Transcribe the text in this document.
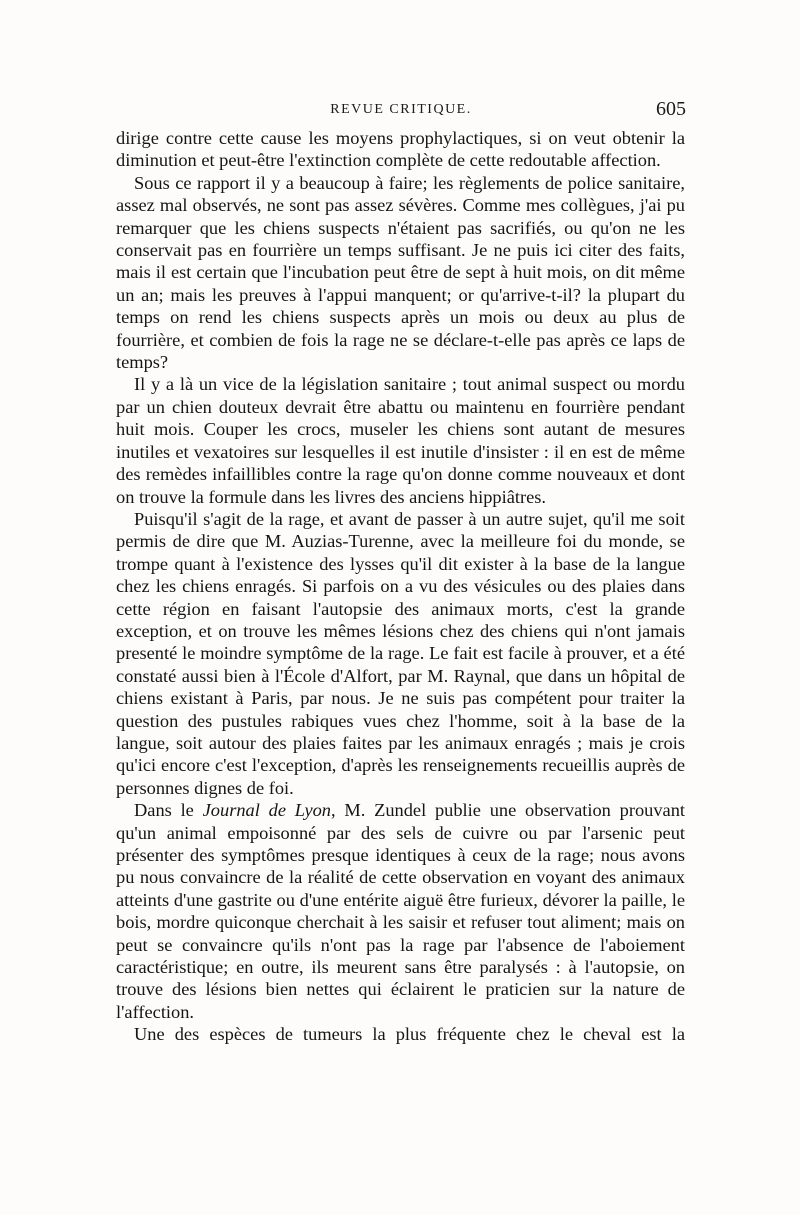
REVUE CRITIQUE.	605

dirige contre cette cause les moyens prophylactiques, si on veut obtenir la diminution et peut-être l'extinction complète de cette redoutable affection.

Sous ce rapport il y a beaucoup à faire; les règlements de police sanitaire, assez mal observés, ne sont pas assez sévères. Comme mes collègues, j'ai pu remarquer que les chiens suspects n'étaient pas sacrifiés, ou qu'on ne les conservait pas en fourrière un temps suffisant. Je ne puis ici citer des faits, mais il est certain que l'incubation peut être de sept à huit mois, on dit même un an; mais les preuves à l'appui manquent; or qu'arrive-t-il? la plupart du temps on rend les chiens suspects après un mois ou deux au plus de fourrière, et combien de fois la rage ne se déclare-t-elle pas après ce laps de temps?

Il y a là un vice de la législation sanitaire ; tout animal suspect ou mordu par un chien douteux devrait être abattu ou maintenu en fourrière pendant huit mois. Couper les crocs, museler les chiens sont autant de mesures inutiles et vexatoires sur lesquelles il est inutile d'insister : il en est de même des remèdes infaillibles contre la rage qu'on donne comme nouveaux et dont on trouve la formule dans les livres des anciens hippiâtres.

Puisqu'il s'agit de la rage, et avant de passer à un autre sujet, qu'il me soit permis de dire que M. Auzias-Turenne, avec la meilleure foi du monde, se trompe quant à l'existence des lysses qu'il dit exister à la base de la langue chez les chiens enragés. Si parfois on a vu des vésicules ou des plaies dans cette région en faisant l'autopsie des animaux morts, c'est la grande exception, et on trouve les mêmes lésions chez des chiens qui n'ont jamais presenté le moindre symptôme de la rage. Le fait est facile à prouver, et a été constaté aussi bien à l'École d'Alfort, par M. Raynal, que dans un hôpital de chiens existant à Paris, par nous. Je ne suis pas compétent pour traiter la question des pustules rabiques vues chez l'homme, soit à la base de la langue, soit autour des plaies faites par les animaux enragés ; mais je crois qu'ici encore c'est l'exception, d'après les renseignements recueillis auprès de personnes dignes de foi.

Dans le Journal de Lyon, M. Zundel publie une observation prouvant qu'un animal empoisonné par des sels de cuivre ou par l'arsenic peut présenter des symptômes presque identiques à ceux de la rage; nous avons pu nous convaincre de la réalité de cette observation en voyant des animaux atteints d'une gastrite ou d'une entérite aiguë être furieux, dévorer la paille, le bois, mordre quiconque cherchait à les saisir et refuser tout aliment; mais on peut se convaincre qu'ils n'ont pas la rage par l'absence de l'aboiement caractéristique; en outre, ils meurent sans être paralysés : à l'autopsie, on trouve des lésions bien nettes qui éclairent le praticien sur la nature de l'affection.

Une des espèces de tumeurs la plus fréquente chez le cheval est la
